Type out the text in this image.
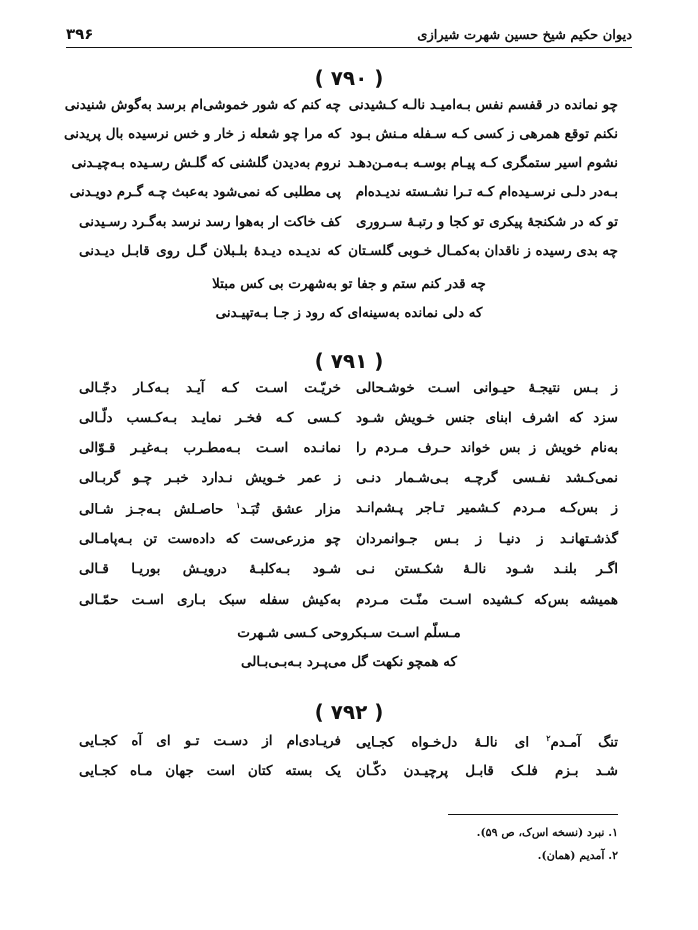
دیوان حکیم شیخ حسین شهرت شیرازی
۳۹۶
( ۷۹۰ )
چو نمانده در قفسم نفس بـه‌امیـد نالـه کـشیدنی
چه کنم که شور خموشی‌ام برسد به‌گوش شنیدنی
نکنم توقع همرهی ز کسی کـه سـفله مـنش بـود
که مرا چو شعله ز خار و خس نرسیده بال پریدنی
نشوم اسیر ستمگری کـه پیـام بوسـه بـه‌مـن‌دهـد
نروم به‌دیدن گلشنی که گلـش رسـیده بـه‌چیـدنی
بـه‌در دلـی نرسـیده‌ام کـه تـرا نشـسته ندیـده‌ام
پی مطلبی که نمی‌شود به‌عبث چـه گـرم دویـدنی
تو که در شکنجۀ پیکری تو کجا و رتبـۀ سـروری
کف خاکت ار به‌هوا رسد نرسد به‌گـرد رسـیدنی
چه بدی رسیده ز ناقدان به‌کمـال خـوبی گلسـتان
که ندیـده دیـدۀ بلـبلان گـل روی قابـل دیـدنی
چه قدر کنم ستم و جفا تو به‌شهرت بی کس مبتلا
که دلی نمانده به‌سینه‌ای که رود ز جـا بـه‌تپیـدنی
( ۷۹۱ )
ز بـس نتیجـۀ حیـوانی اسـت خوشـحالی
خریّـت اسـت کـه آیـد بـه‌کـار دجّـالی
سزد که اشرف ابنای جنس خـویش شـود
کـسی کـه فخـر نمایـد بـه‌کـسب دلّـالی
به‌نام خویش ز بس خواند حـرف مـردم را
نمانـده اسـت بـه‌مطـرب بـه‌غیـر قـوّالی
نمی‌کـشد نفـسی گرچـه بـی‌شـمار دنـی
ز عمر خـویش نـدارد خبـر چـو گربـالی
ز بس‌کـه مـردم کـشمیر تـاجر پـشم‌انـد
مزار عشق تُبَـد$^۱$ حاصـلش بـه‌جـز شـالی
گذشـتهانـد ز دنیـا ز بـس جـوانمردان
چو مزرعی‌ست که داده‌ست تن بـه‌پامـالی
اگـر بلنـد شـود نالـۀ شکـستن نـی
شـود بـه‌کلبـۀ درویـش بوریـا قـالی
همیشه بس‌که کـشیده اسـت منّـت مـردم
به‌کیش سفله سبک بـاری اسـت حمّـالی
مـسلّم اسـت سـبکروحی کـسی شـهرت
که همچو نکهت گل می‌پـرد بـه‌بـی‌بـالی
( ۷۹۲ )
تنگ آمـدم$^۲$ ای نالـۀ دل‌خـواه کجـایی
فریـادی‌ام از دسـت تـو ای آه کجـایی
شـد بـزم فلـک قابـل پرچیـدن دکّـان
یک بسته کتان است جهان مـاه کجـایی
۱. نبرد (نسخه اس‌ک، ص ۵۹).
۲. آمدیم (همان).
